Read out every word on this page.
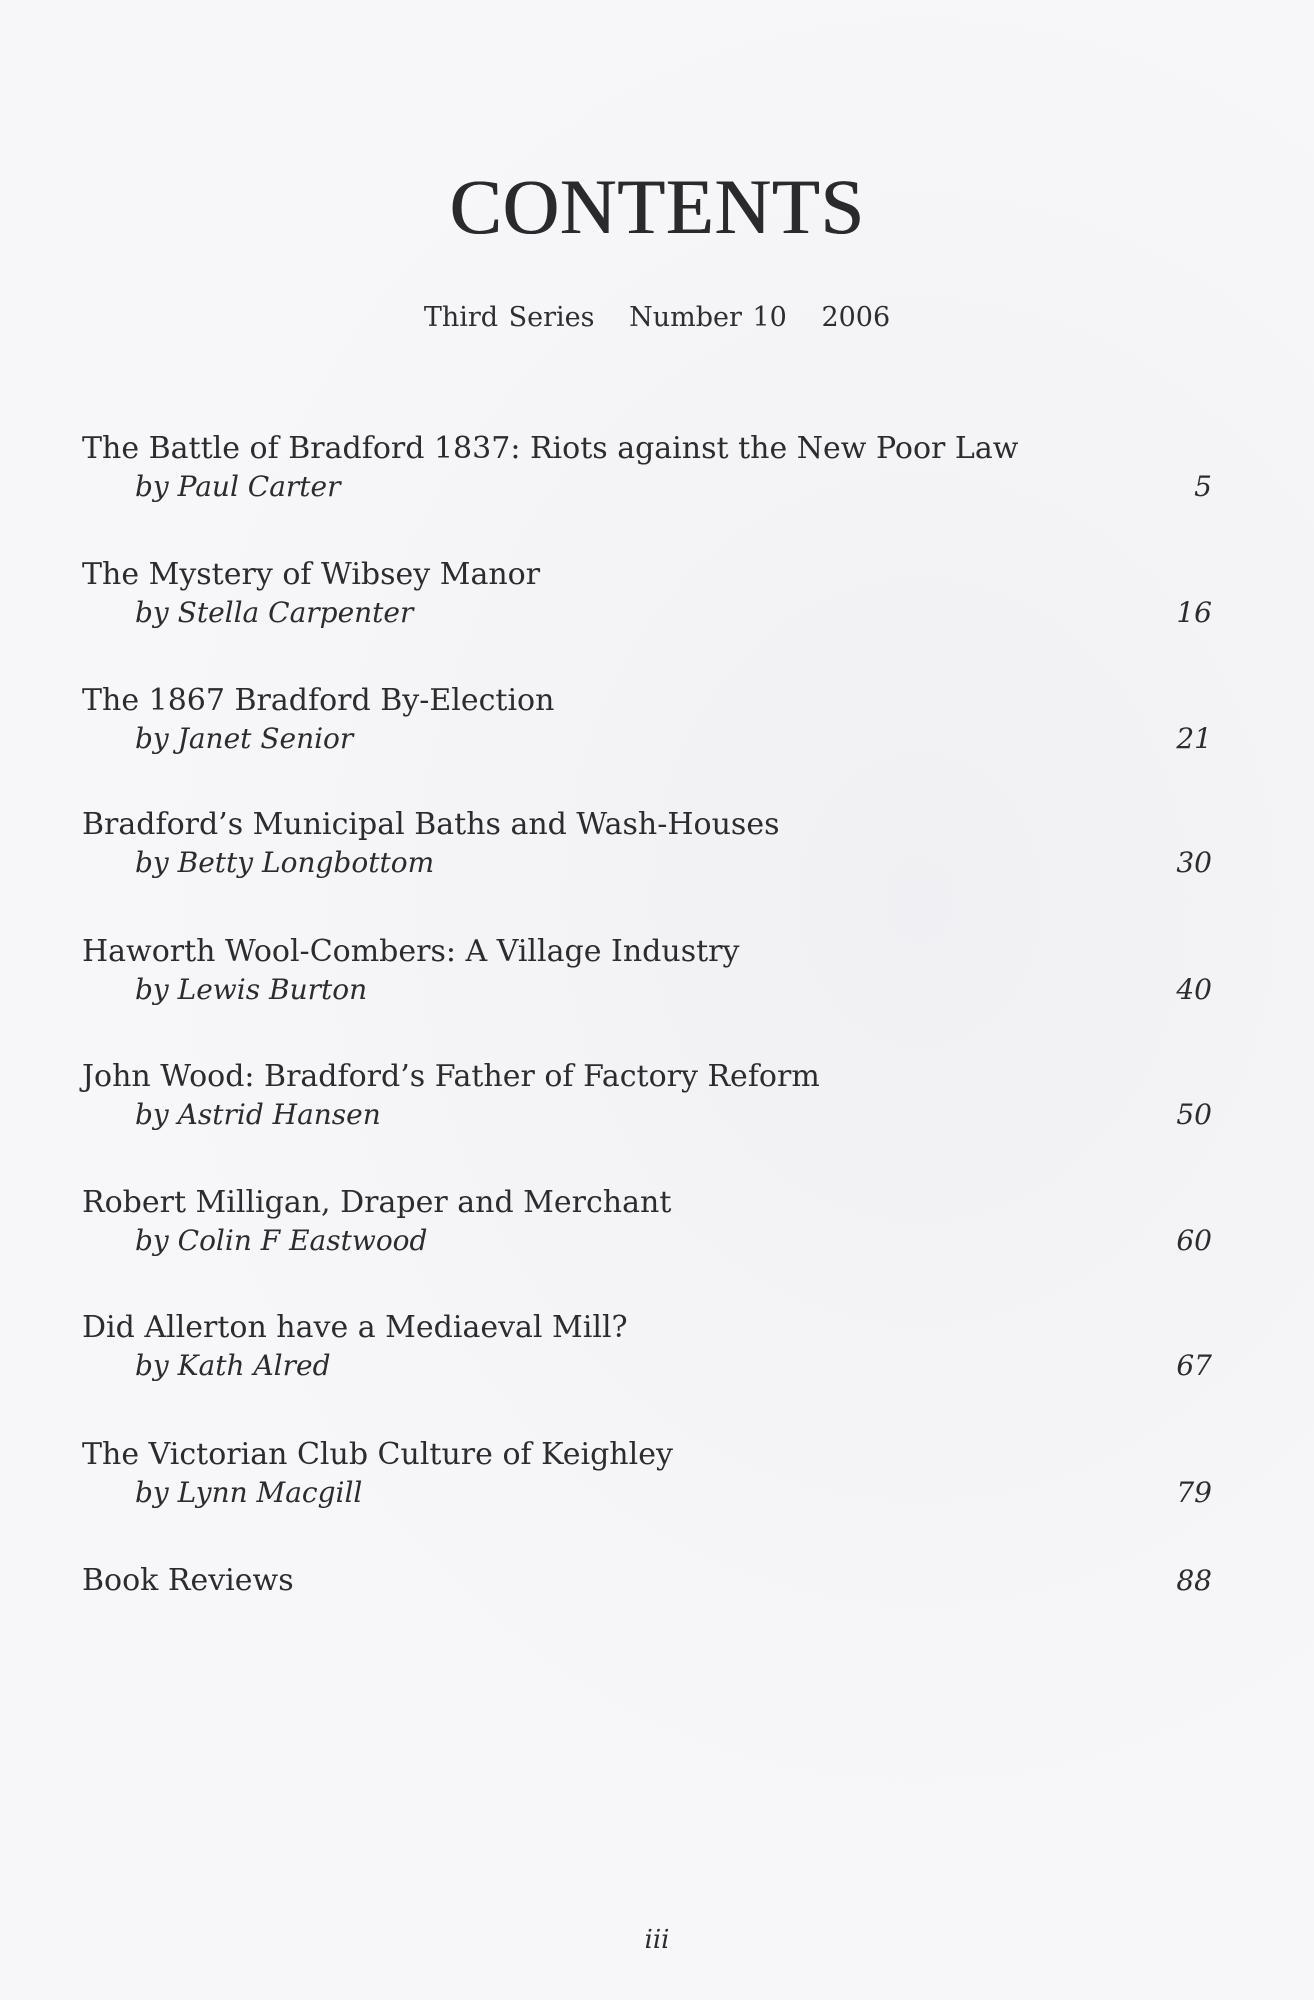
CONTENTS
Third Series Number 10 2006
The Battle of Bradford 1837: Riots against the New Poor Law
by Paul Carter	5
The Mystery of Wibsey Manor
by Stella Carpenter	16
The 1867 Bradford By-Election
by Janet Senior	21
Bradford’s Municipal Baths and Wash-Houses
by Betty Longbottom	30
Haworth Wool-Combers: A Village Industry
by Lewis Burton	40
John Wood: Bradford’s Father of Factory Reform
by Astrid Hansen	50
Robert Milligan, Draper and Merchant
by Colin F Eastwood	60
Did Allerton have a Mediaeval Mill?
by Kath Alred	67
The Victorian Club Culture of Keighley
by Lynn Macgill	79
Book Reviews	88
iii
